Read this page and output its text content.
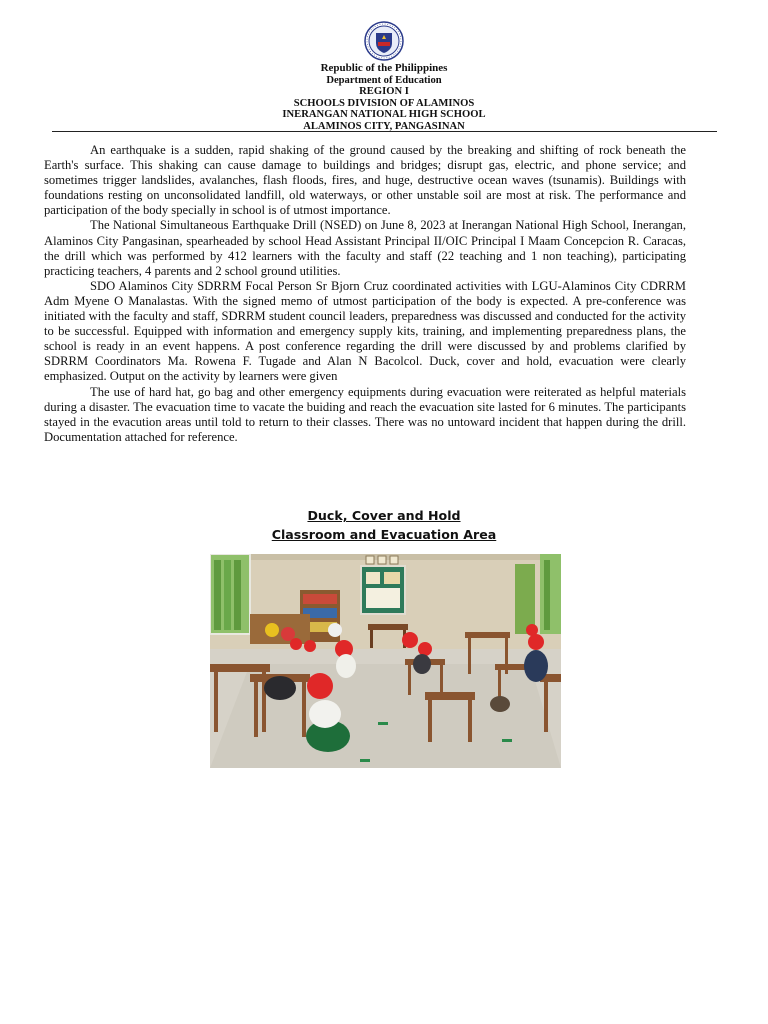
Republic of the Philippines
Department of Education
REGION I
SCHOOLS DIVISION OF ALAMINOS
INERANGAN NATIONAL HIGH SCHOOL
ALAMINOS CITY, PANGASINAN

An earthquake is a sudden, rapid shaking of the ground caused by the breaking and shifting of rock beneath the Earth's surface. This shaking can cause damage to buildings and bridges; disrupt gas, electric, and phone service; and sometimes trigger landslides, avalanches, flash floods, fires, and huge, destructive ocean waves (tsunamis). Buildings with foundations resting on unconsolidated landfill, old waterways, or other unstable soil are most at risk. The performance and participation of the body specially in school is of utmost importance.

The National Simultaneous Earthquake Drill (NSED) on June 8, 2023 at Inerangan National High School, Inerangan, Alaminos City Pangasinan, spearheaded by school Head Assistant Principal II/OIC Principal I Maam Concepcion R. Caracas, the drill which was performed by 412 learners with the faculty and staff (22 teaching and 1 non teaching), participating practicing teachers, 4 parents and 2 school ground utilities.

SDO Alaminos City SDRRM Focal Person Sr Bjorn Cruz coordinated activities with LGU-Alaminos City CDRRM Adm Myene O Manalastas. With the signed memo of utmost participation of the body is expected. A pre-conference was initiated with the faculty and staff, SDRRM student council leaders, preparedness was discussed and conducted for the activity to be successful. Equipped with information and emergency supply kits, training, and implementing preparedness plans, the school is ready in an event happens. A post conference regarding the drill were discussed by and problems clarified by SDRRM Coordinators Ma. Rowena F. Tugade and Alan N Bacolcol. Duck, cover and hold, evacuation were clearly emphasized. Output on the activity by learners were given

The use of hard hat, go bag and other emergency equipments during evacuation were reiterated as helpful materials during a disaster. The evacuation time to vacate the buiding and reach the evacuation site lasted for 6 minutes. The participants stayed in the evacution areas until told to return to their classes. There was no untoward incident that happen during the drill. Documentation attached for reference.

Duck, Cover and Hold
Classroom and Evacuation Area
